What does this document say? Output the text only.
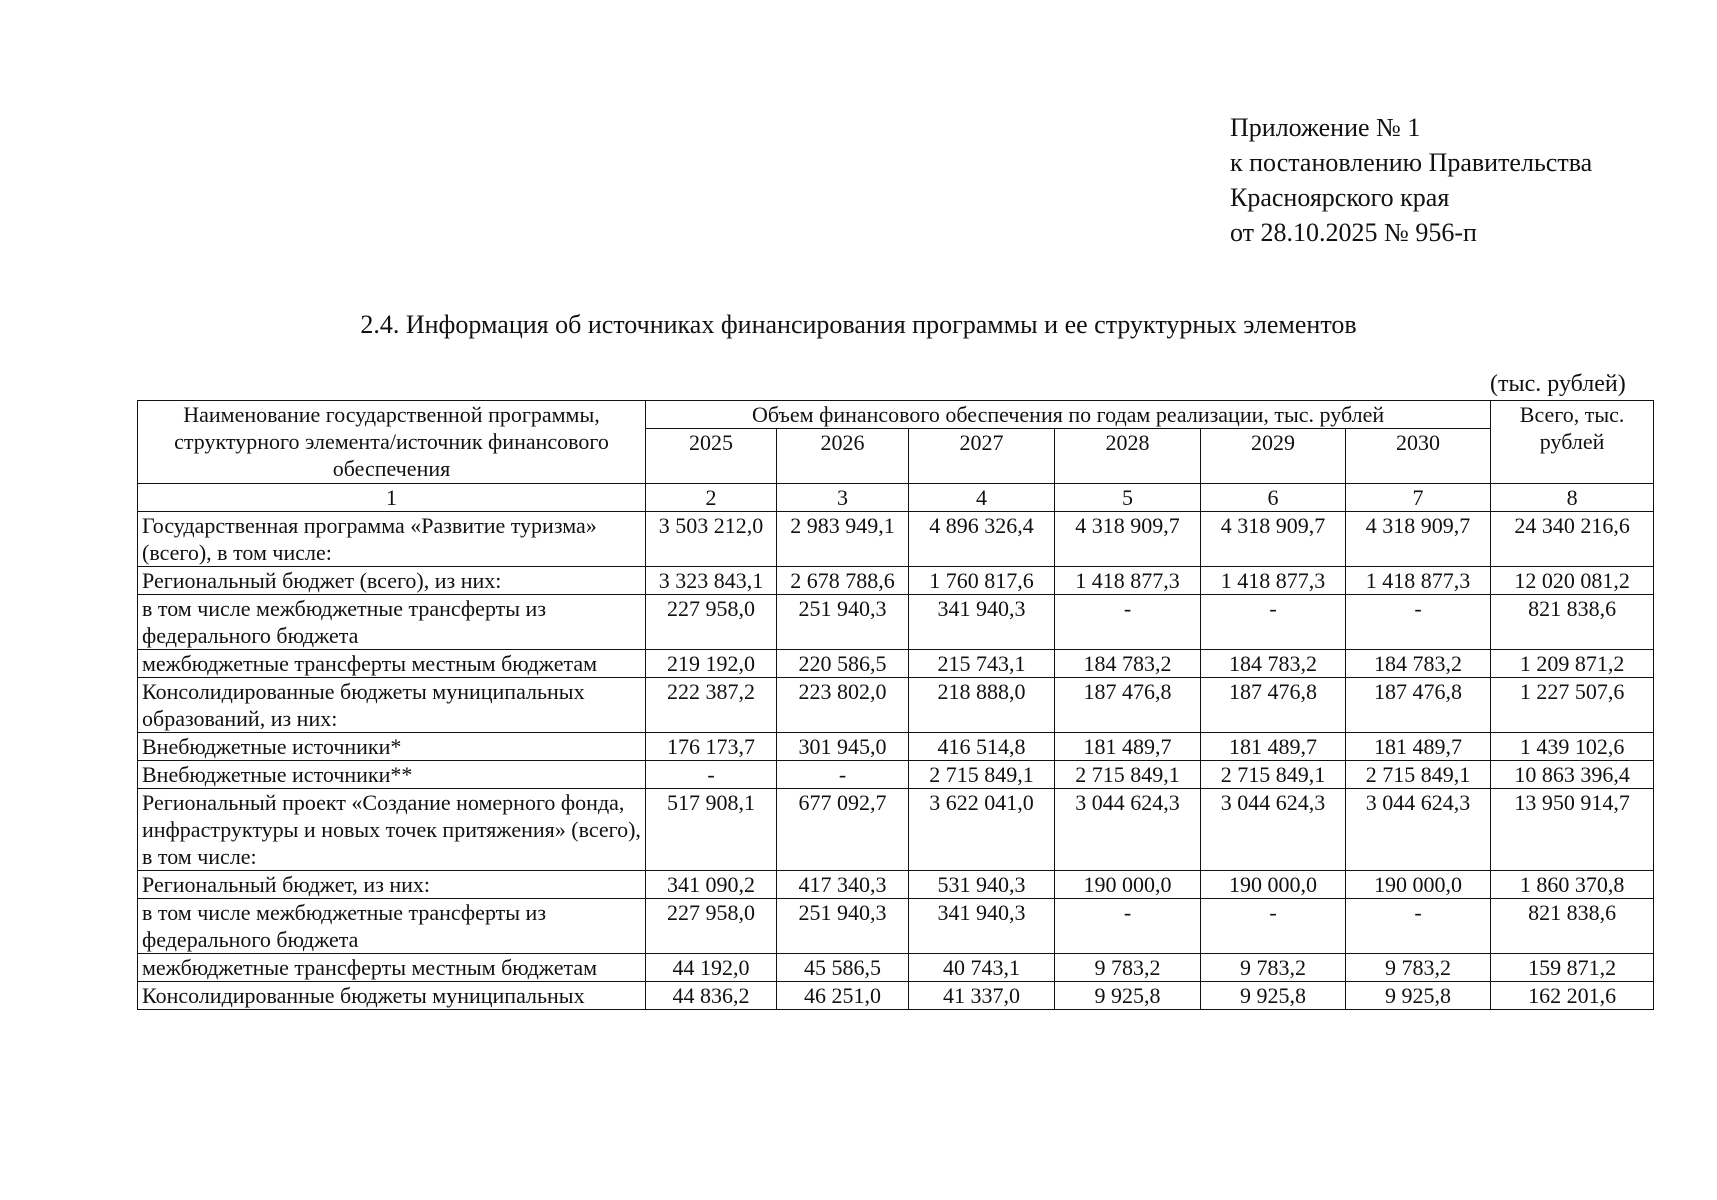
Приложение № 1
к постановлению Правительства
Красноярского края
от 28.10.2025 № 956-п
2.4. Информация об источниках финансирования программы и ее структурных элементов
(тыс. рублей)
Наименование государственной программы, структурного элемента/источник финансового обеспечения	Объем финансового обеспечения по годам реализации, тыс. рублей						Всего, тыс. рублей
	2025	2026	2027	2028	2029	2030	
1	2	3	4	5	6	7	8
Государственная программа «Развитие туризма» (всего), в том числе:	3 503 212,0	2 983 949,1	4 896 326,4	4 318 909,7	4 318 909,7	4 318 909,7	24 340 216,6
Региональный бюджет (всего), из них:	3 323 843,1	2 678 788,6	1 760 817,6	1 418 877,3	1 418 877,3	1 418 877,3	12 020 081,2
в том числе межбюджетные трансферты из федерального бюджета	227 958,0	251 940,3	341 940,3	-	-	-	821 838,6
межбюджетные трансферты местным бюджетам	219 192,0	220 586,5	215 743,1	184 783,2	184 783,2	184 783,2	1 209 871,2
Консолидированные бюджеты муниципальных образований, из них:	222 387,2	223 802,0	218 888,0	187 476,8	187 476,8	187 476,8	1 227 507,6
Внебюджетные источники*	176 173,7	301 945,0	416 514,8	181 489,7	181 489,7	181 489,7	1 439 102,6
Внебюджетные источники**	-	-	2 715 849,1	2 715 849,1	2 715 849,1	2 715 849,1	10 863 396,4
Региональный проект «Создание номерного фонда, инфраструктуры и новых точек притяжения» (всего), в том числе:	517 908,1	677 092,7	3 622 041,0	3 044 624,3	3 044 624,3	3 044 624,3	13 950 914,7
Региональный бюджет, из них:	341 090,2	417 340,3	531 940,3	190 000,0	190 000,0	190 000,0	1 860 370,8
в том числе межбюджетные трансферты из федерального бюджета	227 958,0	251 940,3	341 940,3	-	-	-	821 838,6
межбюджетные трансферты местным бюджетам	44 192,0	45 586,5	40 743,1	9 783,2	9 783,2	9 783,2	159 871,2
Консолидированные бюджеты муниципальных	44 836,2	46 251,0	41 337,0	9 925,8	9 925,8	9 925,8	162 201,6
